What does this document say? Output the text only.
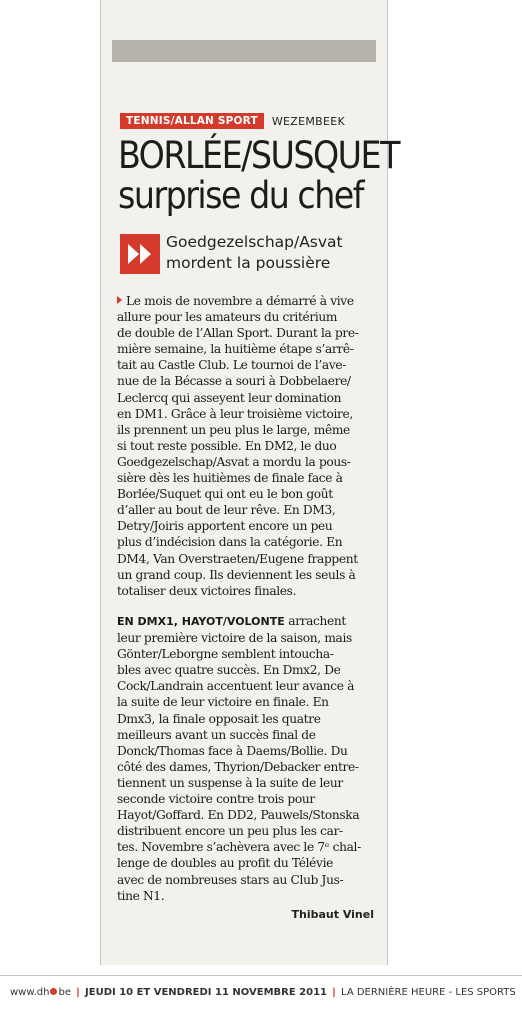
TENNIS/ALLAN SPORT	WEZEMBEEK
BORLÉE/SUSQUET
surprise du chef
Goedgezelschap/Asvat
mordent la poussière
Le mois de novembre a démarré à vive
allure pour les amateurs du critérium
de double de l’Allan Sport. Durant la pre-
mière semaine, la huitième étape s’arrê-
tait au Castle Club. Le tournoi de l’ave-
nue de la Bécasse a souri à Dobbelaere/
Leclercq qui asseyent leur domination
en DM1. Grâce à leur troisième victoire,
ils prennent un peu plus le large, même
si tout reste possible. En DM2, le duo
Goedgezelschap/Asvat a mordu la pous-
sière dès les huitièmes de finale face à
Borlée/Suquet qui ont eu le bon goût
d’aller au bout de leur rêve. En DM3,
Detry/Joiris apportent encore un peu
plus d’indécision dans la catégorie. En
DM4, Van Overstraeten/Eugene frappent
un grand coup. Ils deviennent les seuls à
totaliser deux victoires finales.
EN DMX1, HAYOT/VOLONTE arrachent
leur première victoire de la saison, mais
Gönter/Leborgne semblent intoucha-
bles avec quatre succès. En Dmx2, De
Cock/Landrain accentuent leur avance à
la suite de leur victoire en finale. En
Dmx3, la finale opposait les quatre
meilleurs avant un succès final de
Donck/Thomas face à Daems/Bollie. Du
côté des dames, Thyrion/Debacker entre-
tiennent un suspense à la suite de leur
seconde victoire contre trois pour
Hayot/Goffard. En DD2, Pauwels/Stonska
distribuent encore un peu plus les car-
tes. Novembre s’achèvera avec le 7ᵉ chal-
lenge de doubles au profit du Télévie
avec de nombreuses stars au Club Jus-
tine N1.
Thibaut Vinel
www.dh be | JEUDI 10 ET VENDREDI 11 NOVEMBRE 2011 | LA DERNIÈRE HEURE - LES SPORTS
